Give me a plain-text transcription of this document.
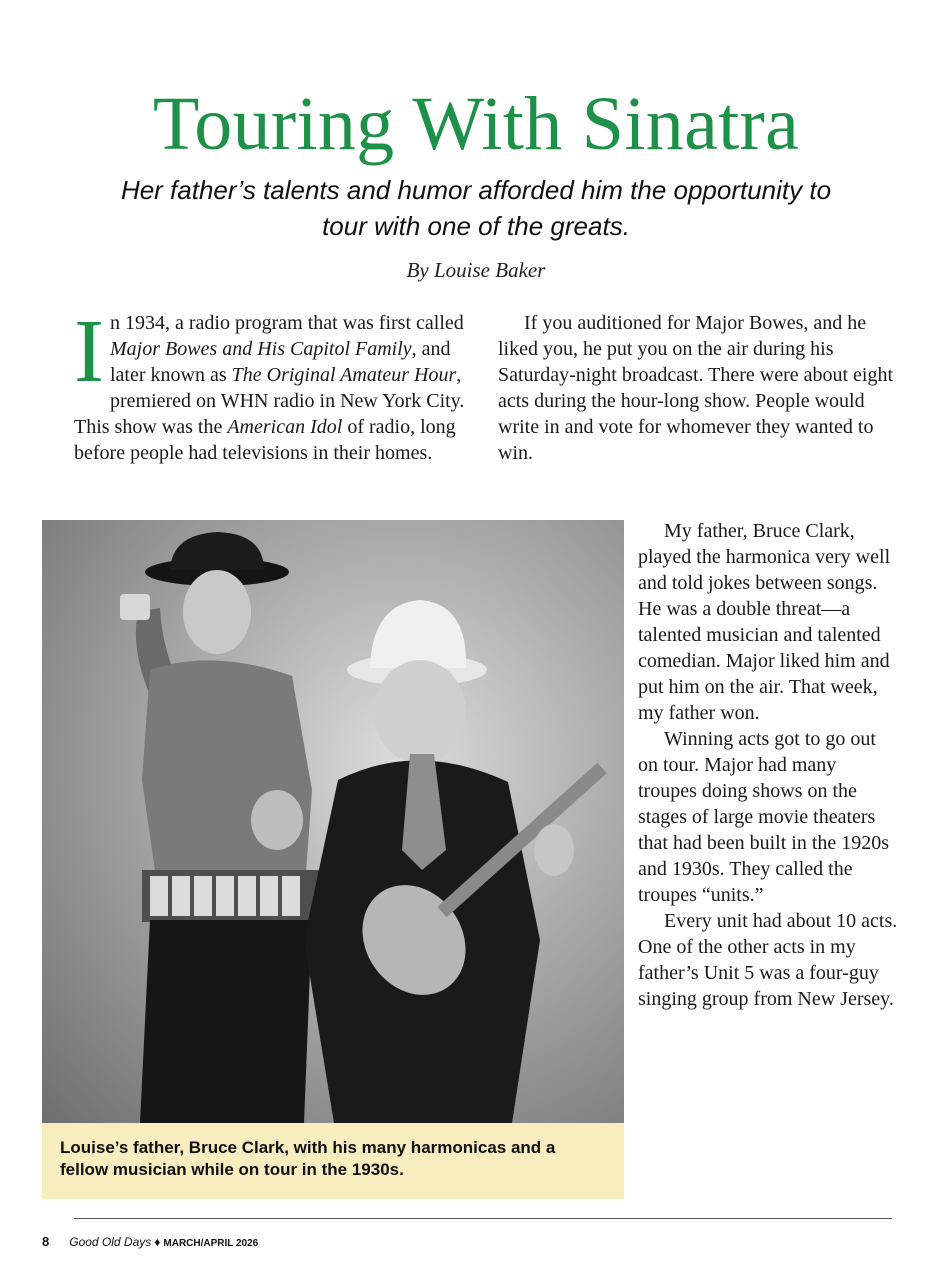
Touring With Sinatra

Her father’s talents and humor afforded him the opportunity to tour with one of the greats.

By Louise Baker

In 1934, a radio program that was first called Major Bowes and His Capitol Family, and later known as The Original Amateur Hour, premiered on WHN radio in New York City. This show was the American Idol of radio, long before people had televisions in their homes.

If you auditioned for Major Bowes, and he liked you, he put you on the air during his Saturday-night broadcast. There were about eight acts during the hour-long show. People would write in and vote for whomever they wanted to win.

Louise’s father, Bruce Clark, with his many harmonicas and a fellow musician while on tour in the 1930s.

My father, Bruce Clark, played the harmonica very well and told jokes between songs. He was a double threat—a talented musician and talented comedian. Major liked him and put him on the air. That week, my father won.

Winning acts got to go out on tour. Major had many troupes doing shows on the stages of large movie theaters that had been built in the 1920s and 1930s. They called the troupes “units.”

Every unit had about 10 acts. One of the other acts in my father’s Unit 5 was a four-guy singing group from New Jersey.

8 Good Old Days ♦ MARCH/APRIL 2026
